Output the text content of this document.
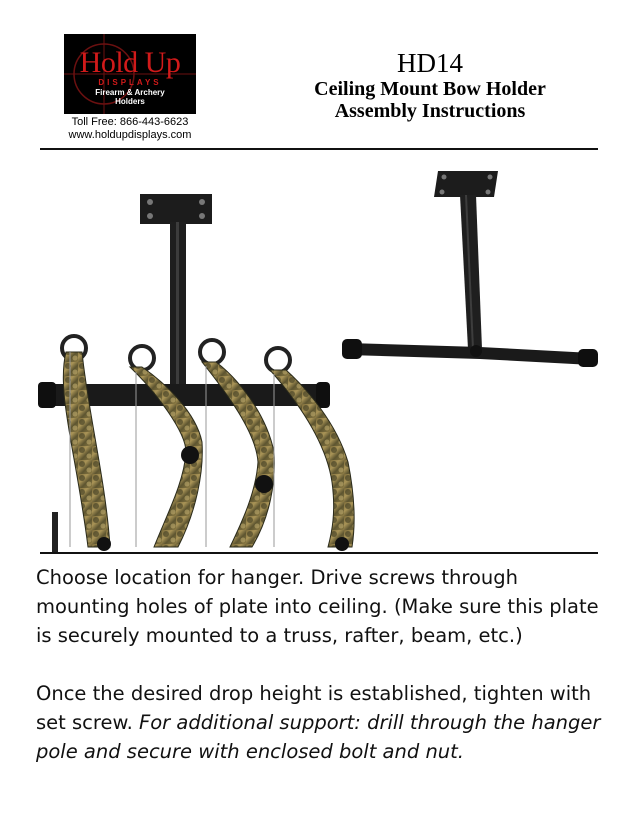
Hold Up
DISPLAYS
Firearm & Archery
Holders
Toll Free: 866-443-6623
www.holdupdisplays.com
HD14
Ceiling Mount Bow Holder
Assembly Instructions

Choose location for hanger. Drive screws through mounting holes of plate into ceiling. (Make sure this plate is securely mounted to a truss, rafter, beam, etc.)

Once the desired drop height is established, tighten with set screw. For additional support: drill through the hanger pole and secure with enclosed bolt and nut.
